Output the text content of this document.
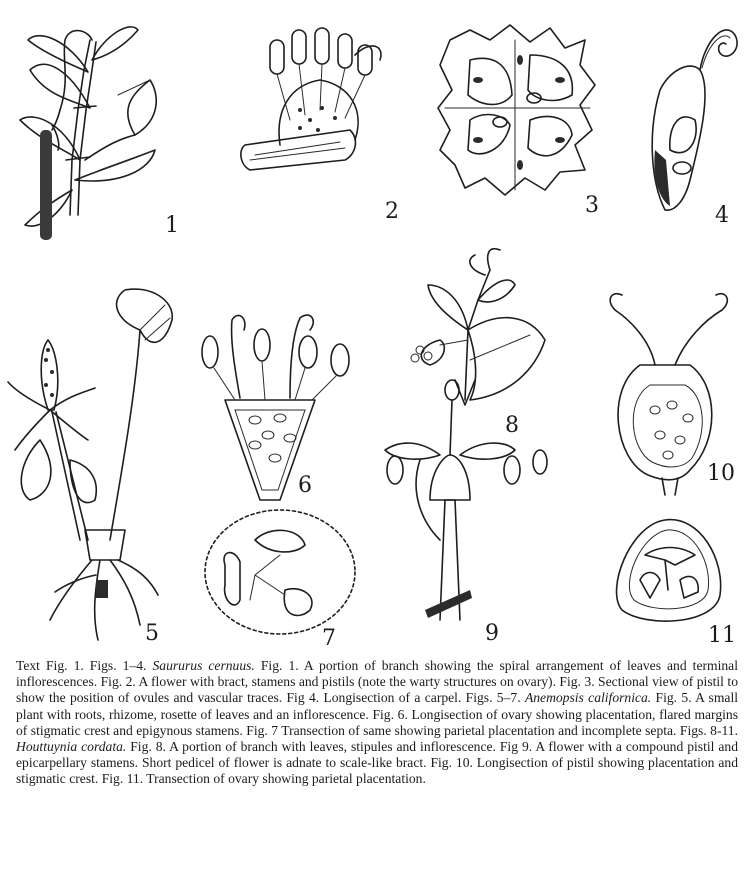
1
2	3	4
5
6
7
8
9
10
11

Text Fig. 1. Figs. 1–4. Saururus cernuus. Fig. 1. A portion of branch showing the spiral arrangement of leaves and terminal inflorescences. Fig. 2. A flower with bract, stamens and pistils (note the warty structures on ovary). Fig. 3. Sectional view of pistil to show the position of ovules and vascular traces. Fig 4. Longisection of a carpel. Figs. 5–7. Anemopsis californica. Fig. 5. A small plant with roots, rhizome, rosette of leaves and an inflorescence. Fig. 6. Longisection of ovary showing placentation, flared margins of stigmatic crest and epigynous stamens. Fig. 7 Transection of same showing parietal placentation and incomplete septa. Figs. 8-11. Houttuynia cordata. Fig. 8. A portion of branch with leaves, stipules and inflorescence. Fig 9. A flower with a compound pistil and epicarpellary stamens. Short pedicel of flower is adnate to scale-like bract. Fig. 10. Longisection of pistil showing placentation and stigmatic crest. Fig. 11. Transection of ovary showing parietal placentation.
